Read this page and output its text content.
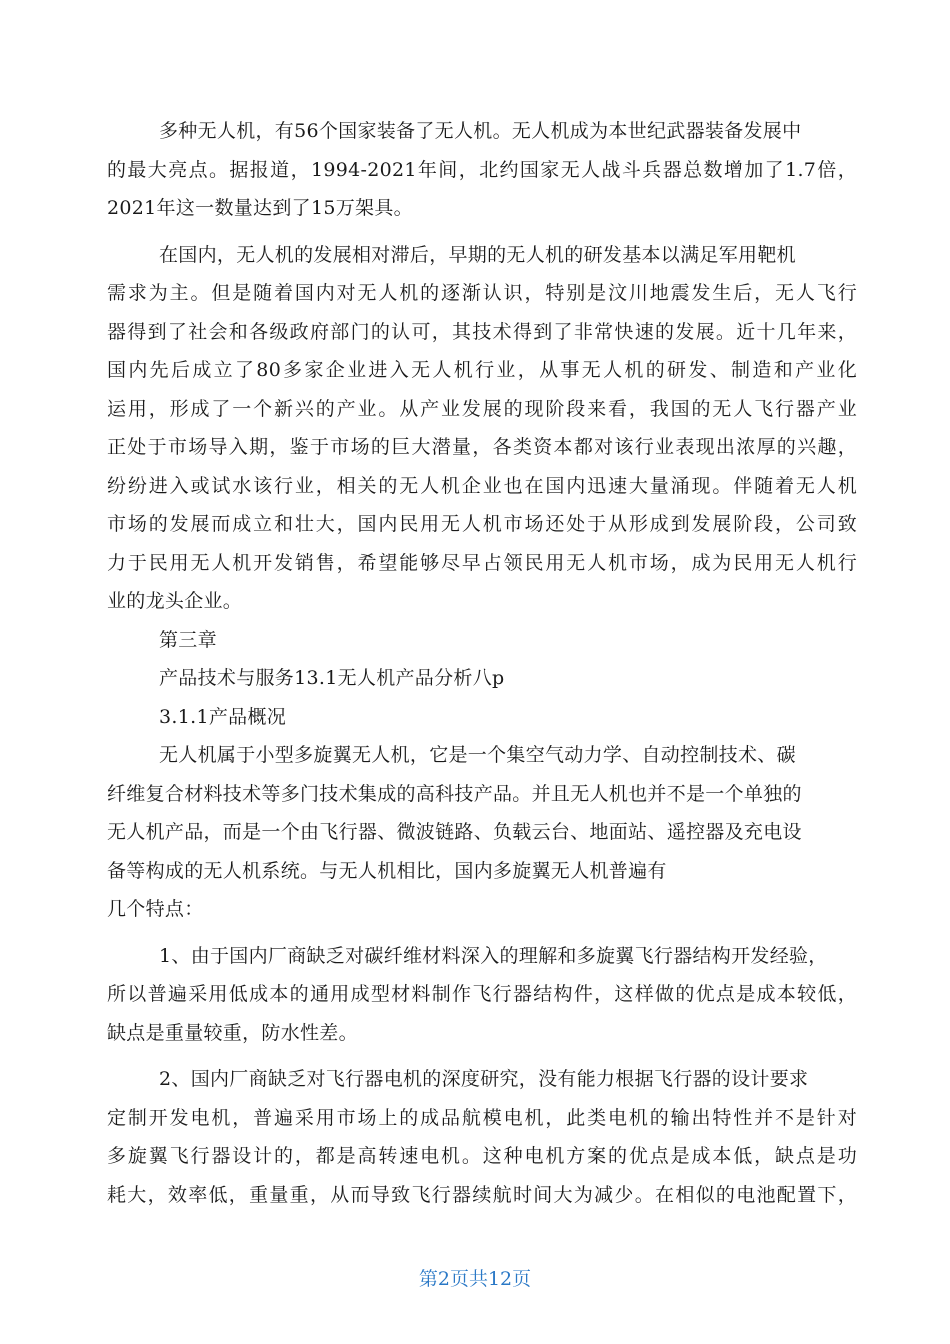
多种无人机，有56个国家装备了无人机。无人机成为本世纪武器装备发展中
的最大亮点。据报道，1994-2021年间，北约国家无人战斗兵器总数增加了1.7倍，
2021年这一数量达到了15万架具。
在国内，无人机的发展相对滞后，早期的无人机的研发基本以满足军用靶机
需求为主。但是随着国内对无人机的逐渐认识，特别是汶川地震发生后，无人飞行
器得到了社会和各级政府部门的认可，其技术得到了非常快速的发展。近十几年来，
国内先后成立了80多家企业进入无人机行业，从事无人机的研发、制造和产业化
运用，形成了一个新兴的产业。从产业发展的现阶段来看，我国的无人飞行器产业
正处于市场导入期，鉴于市场的巨大潜量，各类资本都对该行业表现出浓厚的兴趣，
纷纷进入或试水该行业，相关的无人机企业也在国内迅速大量涌现。伴随着无人机
市场的发展而成立和壮大，国内民用无人机市场还处于从形成到发展阶段，公司致
力于民用无人机开发销售，希望能够尽早占领民用无人机市场，成为民用无人机行
业的龙头企业。
第三章
产品技术与服务13.1无人机产品分析八p
3.1.1产品概况
无人机属于小型多旋翼无人机，它是一个集空气动力学、自动控制技术、碳
纤维复合材料技术等多门技术集成的高科技产品。并且无人机也并不是一个单独的
无人机产品，而是一个由飞行器、微波链路、负载云台、地面站、遥控器及充电设
备等构成的无人机系统。与无人机相比，国内多旋翼无人机普遍有
几个特点：
1、由于国内厂商缺乏对碳纤维材料深入的理解和多旋翼飞行器结构开发经验，
所以普遍采用低成本的通用成型材料制作飞行器结构件，这样做的优点是成本较低，
缺点是重量较重，防水性差。
2、国内厂商缺乏对飞行器电机的深度研究，没有能力根据飞行器的设计要求
定制开发电机，普遍采用市场上的成品航模电机，此类电机的输出特性并不是针对
多旋翼飞行器设计的，都是高转速电机。这种电机方案的优点是成本低，缺点是功
耗大，效率低，重量重，从而导致飞行器续航时间大为减少。在相似的电池配置下，
第2页共12页
